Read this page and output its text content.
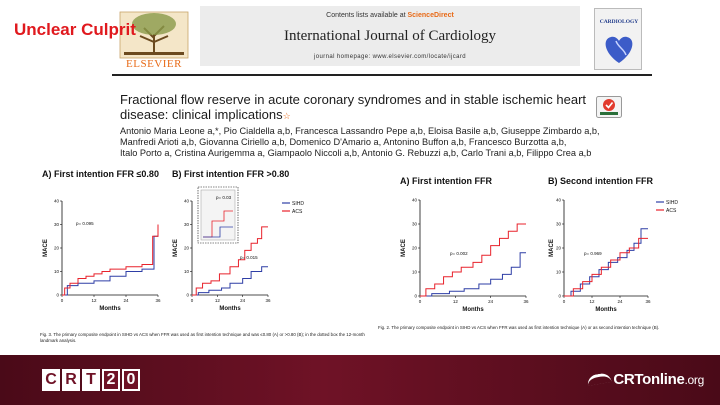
Unclear Culprit
ELSEVIER
Contents lists available at ScienceDirect
International Journal of Cardiology
journal homepage: www.elsevier.com/locate/ijcard
CARDIOLOGY
Fractional flow reserve in acute coronary syndromes and in stable ischemic heart disease: clinical implications☆
Antonio Maria Leone a,*, Pio Cialdella a,b, Francesca Lassandro Pepe a,b, Eloisa Basile a,b, Giuseppe Zimbardo a,b,
Manfredi Arioti a,b, Giovanna Ciriello a,b, Domenico D'Amario a, Antonino Buffon a,b, Francesco Burzotta a,b,
Italo Porto a, Cristina Aurigemma a, Giampaolo Niccoli a,b, Antonio G. Rebuzzi a,b, Carlo Trani a,b, Filippo Crea a,b
A) First intention FFR ≤0.80
0
10
20
30
40
0	12	24	36
MACE
Months
p= 0.095
B) First intention FFR >0.80
0
10
20
30
40
0	12	24	36
MACE
Months
p= 0.015
p= 0.03
SIHD
ACS
A) First intention FFR
0
10
20
30
40
0	12	24	36
MACE
Months
p= 0.002
B) Second intention FFR
0
10
20
30
40
0	12	24	36
MACE
Months
p= 0.969
SIHD
ACS
Fig. 3. The primary composite endpoint in SIHD vs ACS when FFR was used as first intention technique and was ≤0.80 (A) or >0.80 (B); in the dotted box the 12-month landmark analysis.
Fig. 2. The primary composite endpoint in SIHD vs ACS when FFR was used as first intention technique (A) or as second intention technique (B).
C R T 2 0	CRTonline.org
